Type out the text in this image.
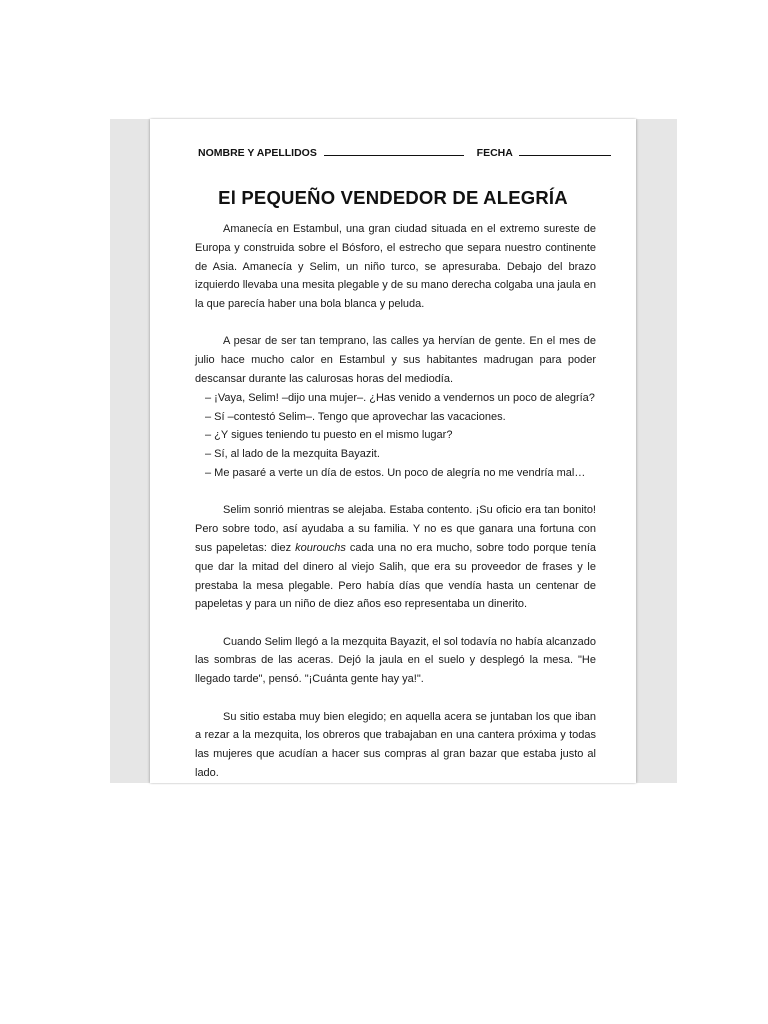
NOMBRE Y APELLIDOS	FECHA
El PEQUEÑO VENDEDOR DE ALEGRÍA

Amanecía en Estambul, una gran ciudad situada en el extremo sureste de Europa y construida sobre el Bósforo, el estrecho que separa nuestro continente de Asia. Amanecía y Selim, un niño turco, se apresuraba. Debajo del brazo izquierdo llevaba una mesita plegable y de su mano derecha colgaba una jaula en la que parecía haber una bola blanca y peluda.

A pesar de ser tan temprano, las calles ya hervían de gente. En el mes de julio hace mucho calor en Estambul y sus habitantes madrugan para poder descansar durante las calurosas horas del mediodía.

– ¡Vaya, Selim! –dijo una mujer–. ¿Has venido a vendernos un poco de alegría?
– Sí –contestó Selim–. Tengo que aprovechar las vacaciones.
– ¿Y sigues teniendo tu puesto en el mismo lugar?
– Sí, al lado de la mezquita Bayazit.
– Me pasaré a verte un día de estos. Un poco de alegría no me vendría mal…

Selim sonrió mientras se alejaba. Estaba contento. ¡Su oficio era tan bonito! Pero sobre todo, así ayudaba a su familia. Y no es que ganara una fortuna con sus papeletas: diez kourouchs cada una no era mucho, sobre todo porque tenía que dar la mitad del dinero al viejo Salih, que era su proveedor de frases y le prestaba la mesa plegable. Pero había días que vendía hasta un centenar de papeletas y para un niño de diez años eso representaba un dinerito.

Cuando Selim llegó a la mezquita Bayazit, el sol todavía no había alcanzado las sombras de las aceras. Dejó la jaula en el suelo y desplegó la mesa. "He llegado tarde", pensó. "¡Cuánta gente hay ya!".

Su sitio estaba muy bien elegido; en aquella acera se juntaban los que iban a rezar a la mezquita, los obreros que trabajaban en una cantera próxima y todas las mujeres que acudían a hacer sus compras al gran bazar que estaba justo al lado.
